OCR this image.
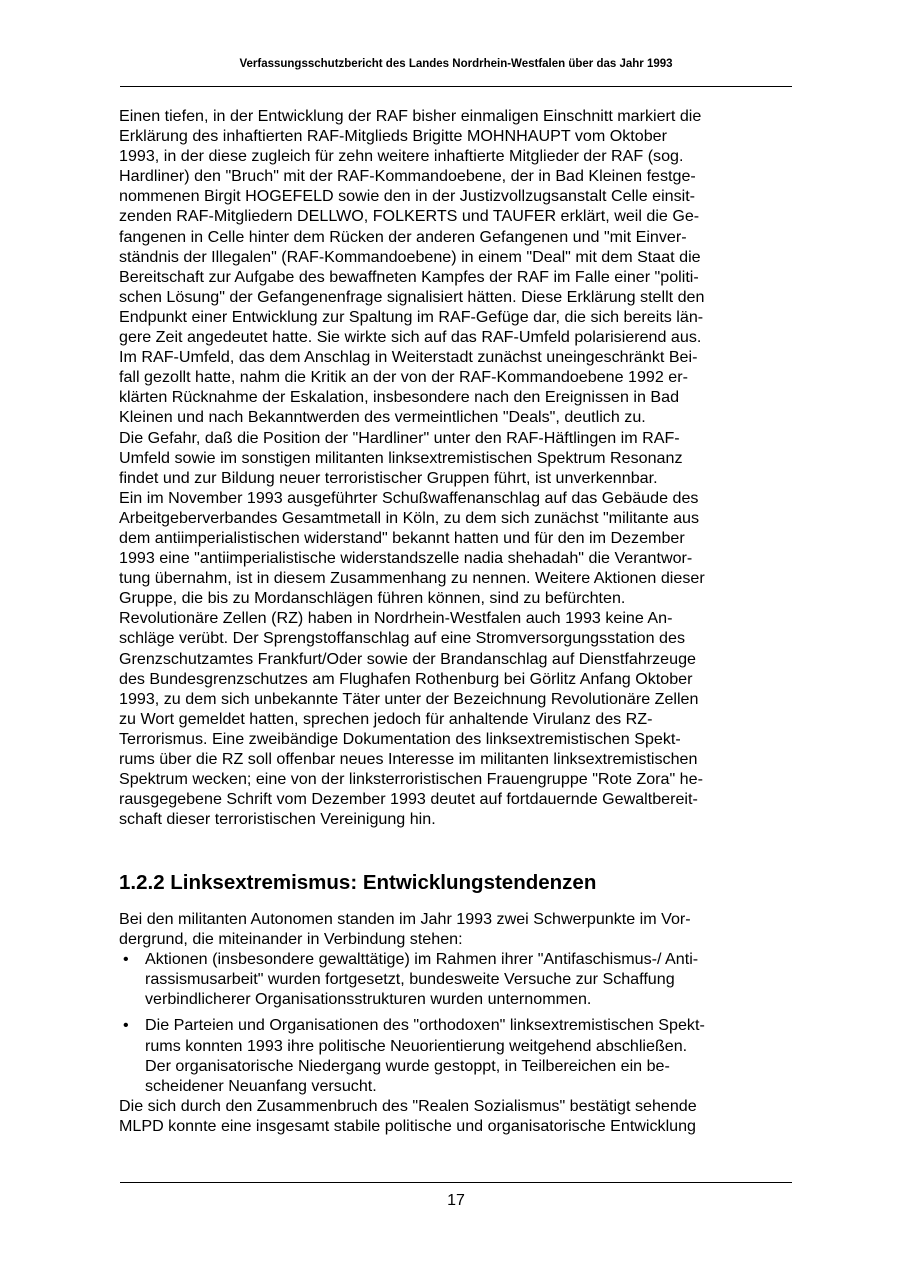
Verfassungsschutzbericht des Landes Nordrhein-Westfalen über das Jahr 1993
Einen tiefen, in der Entwicklung der RAF bisher einmaligen Einschnitt markiert die
Erklärung des inhaftierten RAF-Mitglieds Brigitte MOHNHAUPT vom Oktober
1993, in der diese zugleich für zehn weitere inhaftierte Mitglieder der RAF (sog.
Hardliner) den "Bruch" mit der RAF-Kommandoebene, der in Bad Kleinen festge-
nommenen Birgit HOGEFELD sowie den in der Justizvollzugsanstalt Celle einsit-
zenden RAF-Mitgliedern DELLWO, FOLKERTS und TAUFER erklärt, weil die Ge-
fangenen in Celle hinter dem Rücken der anderen Gefangenen und "mit Einver-
ständnis der Illegalen" (RAF-Kommandoebene) in einem "Deal" mit dem Staat die
Bereitschaft zur Aufgabe des bewaffneten Kampfes der RAF im Falle einer "politi-
schen Lösung" der Gefangenenfrage signalisiert hätten. Diese Erklärung stellt den
Endpunkt einer Entwicklung zur Spaltung im RAF-Gefüge dar, die sich bereits län-
gere Zeit angedeutet hatte. Sie wirkte sich auf das RAF-Umfeld polarisierend aus.
Im RAF-Umfeld, das dem Anschlag in Weiterstadt zunächst uneingeschränkt Bei-
fall gezollt hatte, nahm die Kritik an der von der RAF-Kommandoebene 1992 er-
klärten Rücknahme der Eskalation, insbesondere nach den Ereignissen in Bad
Kleinen und nach Bekanntwerden des vermeintlichen "Deals", deutlich zu.
Die Gefahr, daß die Position der "Hardliner" unter den RAF-Häftlingen im RAF-
Umfeld sowie im sonstigen militanten linksextremistischen Spektrum Resonanz
findet und zur Bildung neuer terroristischer Gruppen führt, ist unverkennbar.
Ein im November 1993 ausgeführter Schußwaffenanschlag auf das Gebäude des
Arbeitgeberverbandes Gesamtmetall in Köln, zu dem sich zunächst "militante aus
dem antiimperialistischen widerstand" bekannt hatten und für den im Dezember
1993 eine "antiimperialistische widerstandszelle nadia shehadah" die Verantwor-
tung übernahm, ist in diesem Zusammenhang zu nennen. Weitere Aktionen dieser
Gruppe, die bis zu Mordanschlägen führen können, sind zu befürchten.
Revolutionäre Zellen (RZ) haben in Nordrhein-Westfalen auch 1993 keine An-
schläge verübt. Der Sprengstoffanschlag auf eine Stromversorgungsstation des
Grenzschutzamtes Frankfurt/Oder sowie der Brandanschlag auf Dienstfahrzeuge
des Bundesgrenzschutzes am Flughafen Rothenburg bei Görlitz Anfang Oktober
1993, zu dem sich unbekannte Täter unter der Bezeichnung Revolutionäre Zellen
zu Wort gemeldet hatten, sprechen jedoch für anhaltende Virulanz des RZ-
Terrorismus. Eine zweibändige Dokumentation des linksextremistischen Spekt-
rums über die RZ soll offenbar neues Interesse im militanten linksextremistischen
Spektrum wecken; eine von der linksterroristischen Frauengruppe "Rote Zora" he-
rausgegebene Schrift vom Dezember 1993 deutet auf fortdauernde Gewaltbereit-
schaft dieser terroristischen Vereinigung hin.
1.2.2 Linksextremismus: Entwicklungstendenzen
Bei den militanten Autonomen standen im Jahr 1993 zwei Schwerpunkte im Vor-
dergrund, die miteinander in Verbindung stehen:
•	Aktionen (insbesondere gewalttätige) im Rahmen ihrer "Antifaschismus-/ Anti-
rassismusarbeit" wurden fortgesetzt, bundesweite Versuche zur Schaffung
verbindlicherer Organisationsstrukturen wurden unternommen.
•	Die Parteien und Organisationen des "orthodoxen" linksextremistischen Spekt-
rums konnten 1993 ihre politische Neuorientierung weitgehend abschließen.
Der organisatorische Niedergang wurde gestoppt, in Teilbereichen ein be-
scheidener Neuanfang versucht.
Die sich durch den Zusammenbruch des "Realen Sozialismus" bestätigt sehende
MLPD konnte eine insgesamt stabile politische und organisatorische Entwicklung
17
